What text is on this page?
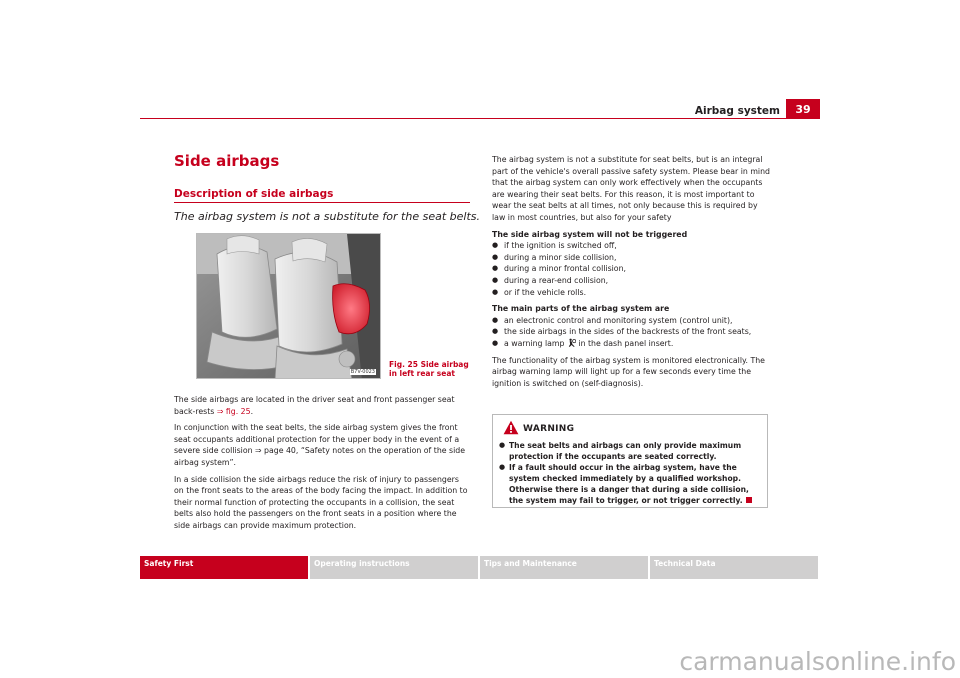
Airbag system	39
Side airbags
Description of side airbags
The airbag system is not a substitute for the seat belts.
B7V-0023
Fig. 25 Side airbag in left rear seat

The side airbags are located in the driver seat and front passenger seat back-rests ⇒ fig. 25.

In conjunction with the seat belts, the side airbag system gives the front seat occupants additional protection for the upper body in the event of a severe side collision ⇒ page 40, “Safety notes on the operation of the side airbag system”.

In a side collision the side airbags reduce the risk of injury to passengers on the front seats to the areas of the body facing the impact. In addition to their normal function of protecting the occupants in a collision, the seat belts also hold the passengers on the front seats in a position where the side airbags can provide maximum protection.

The airbag system is not a substitute for seat belts, but is an integral part of the vehicle's overall passive safety system. Please bear in mind that the airbag system can only work effectively when the occupants are wearing their seat belts. For this reason, it is most important to wear the seat belts at all times, not only because this is required by law in most countries, but also for your safety

The side airbag system will not be triggered

● if the ignition is switched off,
● during a minor side collision,
● during a minor frontal collision,
● during a rear-end collision,
● or if the vehicle rolls.

The main parts of the airbag system are

● an electronic control and monitoring system (control unit),
● the side airbags in the sides of the backrests of the front seats,
● a warning lamp  in the dash panel insert.

The functionality of the airbag system is monitored electronically. The airbag warning lamp will light up for a few seconds every time the ignition is switched on (self-diagnosis).

WARNING
● The seat belts and airbags can only provide maximum protection if the occupants are seated correctly.
● If a fault should occur in the airbag system, have the system checked immediately by a qualified workshop. Otherwise there is a danger that during a side collision, the system may fail to trigger, or not trigger correctly.
Safety First	Operating instructions	Tips and Maintenance	Technical Data
carmanualsonline.info
